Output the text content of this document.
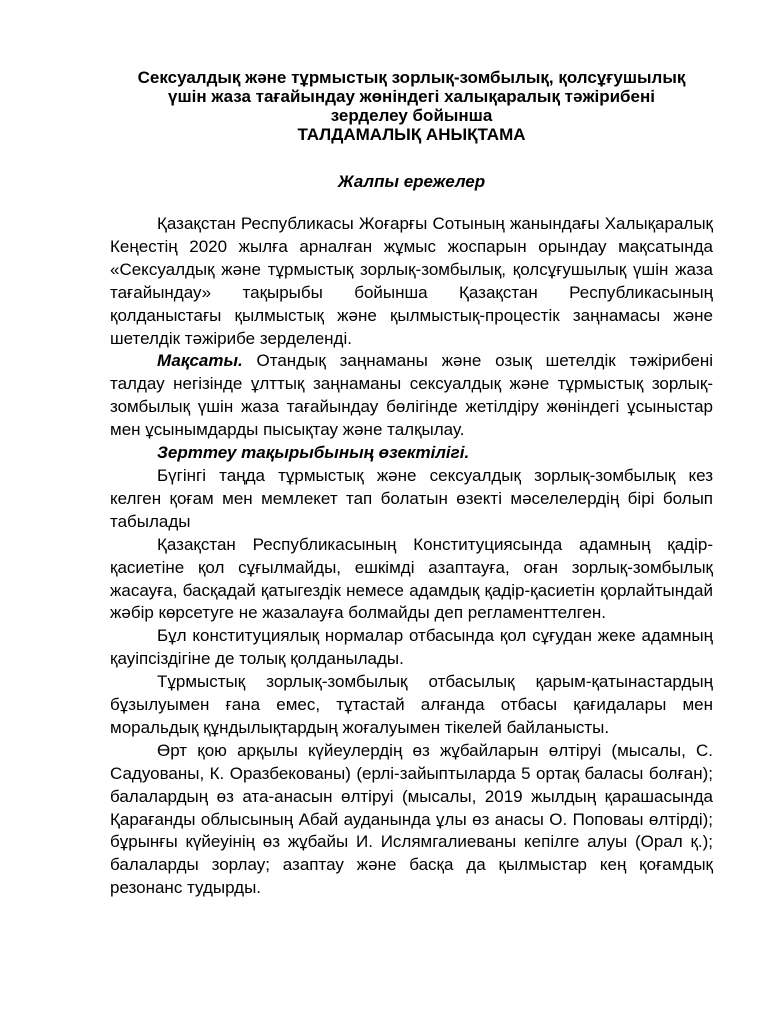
Сексуалдық және тұрмыстық зорлық-зомбылық, қолсұғушылық
үшін жаза тағайындау жөніндегі халықаралық тәжірибені
зерделеу бойынша
ТАЛДАМАЛЫҚ АНЫҚТАМА
Жалпы ережелер

Қазақстан Республикасы Жоғарғы Сотының жанындағы Халықаралық Кеңестің 2020 жылға арналған жұмыс жоспарын орындау мақсатында «Сексуалдық және тұрмыстық зорлық-зомбылық, қолсұғушылық үшін жаза тағайындау» тақырыбы бойынша Қазақстан Республикасының қолданыстағы қылмыстық және қылмыстық-процестік заңнамасы және шетелдік тәжірибе зерделенді.

Мақсаты. Отандық заңнаманы және озық шетелдік тәжірибені талдау негізінде ұлттық заңнаманы сексуалдық және тұрмыстық зорлық-зомбылық үшін жаза тағайындау бөлігінде жетілдіру жөніндегі ұсыныстар мен ұсынымдарды пысықтау және талқылау.

Зерттеу тақырыбының өзектілігі.

Бүгінгі таңда тұрмыстық және сексуалдық зорлық-зомбылық кез келген қоғам мен мемлекет тап болатын өзекті мәселелердің бірі болып табылады

Қазақстан Республикасының Конституциясында адамның қадір-қасиетіне қол сұғылмайды, ешкімді азаптауға, оған зорлық-зомбылық жасауға, басқадай қатыгездік немесе адамдық қадір-қасиетін қорлайтындай жәбір көрсетуге не жазалауға болмайды деп регламенттелген.

Бұл конституциялық нормалар отбасында қол сұғудан жеке адамның қауіпсіздігіне де толық қолданылады.

Тұрмыстық зорлық-зомбылық отбасылық қарым-қатынастардың бұзылуымен ғана емес, тұтастай алғанда отбасы қағидалары мен моральдық құндылықтардың жоғалуымен тікелей байланысты.

Өрт қою арқылы күйеулердің өз жұбайларын өлтіруі (мысалы, С. Садуованы, К. Оразбекованы) (ерлі-зайыптыларда 5 ортақ баласы болған); балалардың өз ата-анасын өлтіруі (мысалы, 2019 жылдың қарашасында Қарағанды облысының Абай ауданында ұлы өз анасы О. Поповаы өлтірді); бұрынғы күйеуінің өз жұбайы И. Ислямгалиеваны кепілге алуы (Орал қ.); балаларды зорлау; азаптау және басқа да қылмыстар кең қоғамдық резонанс тудырды.
